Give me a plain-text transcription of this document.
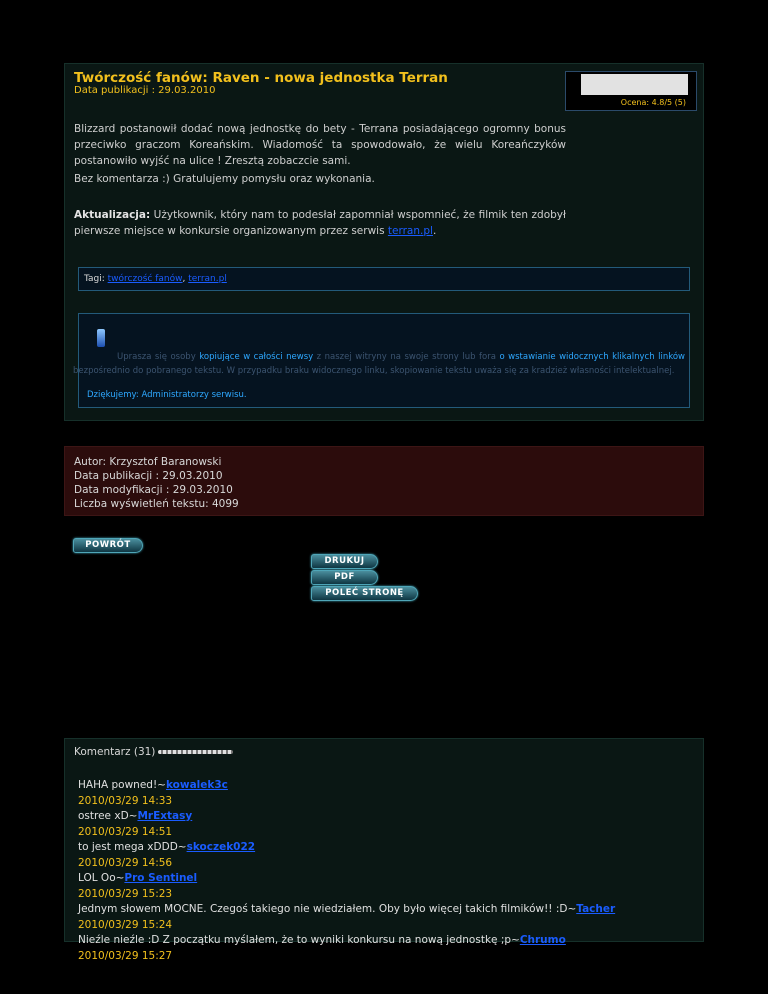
Twórczość fanów: Raven - nowa jednostka Terran
Data publikacji : 29.03.2010
Ocena: 4.8/5 (5)
Blizzard postanowił dodać nową jednostkę do bety - Terrana posiadającego ogromny bonus przeciwko graczom Koreańskim. Wiadomość ta spowodowało, że wielu Koreańczyków postanowiło wyjść na ulice ! Zresztą zobaczcie sami.
Bez komentarza :) Gratulujemy pomysłu oraz wykonania.
Aktualizacja: Użytkownik, który nam to podesłał zapomniał wspomnieć, że filmik ten zdobył pierwsze miejsce w konkursie organizowanym przez serwis terran.pl.
Tagi: twórczość fanów, terran.pl
Uprasza się osoby kopiujące w całości newsy z naszej witryny na swoje strony lub fora o wstawianie widocznych klikalnych linków bezpośrednio do pobranego tekstu. W przypadku braku widocznego linku, skopiowanie tekstu uważa się za kradzież własności intelektualnej.
Dziękujemy: Administratorzy serwisu.
Autor: Krzysztof Baranowski
Data publikacji : 29.03.2010
Data modyfikacji : 29.03.2010
Liczba wyświetleń tekstu: 4099
POWRÓT
DRUKUJ
PDF
POLEĆ STRONĘ
Komentarz (31)
HAHA powned!~kowalek3c
2010/03/29 14:33
ostree xD~MrExtasy
2010/03/29 14:51
to jest mega xDDD~skoczek022
2010/03/29 14:56
LOL Oo~Pro Sentinel
2010/03/29 15:23
Jednym słowem MOCNE. Czegoś takiego nie wiedziałem. Oby było więcej takich filmików!! :D~Tacher
2010/03/29 15:24
Nieźle nieźle :D Z początku myślałem, że to wyniki konkursu na nową jednostkę ;p~Chrumo
2010/03/29 15:27
